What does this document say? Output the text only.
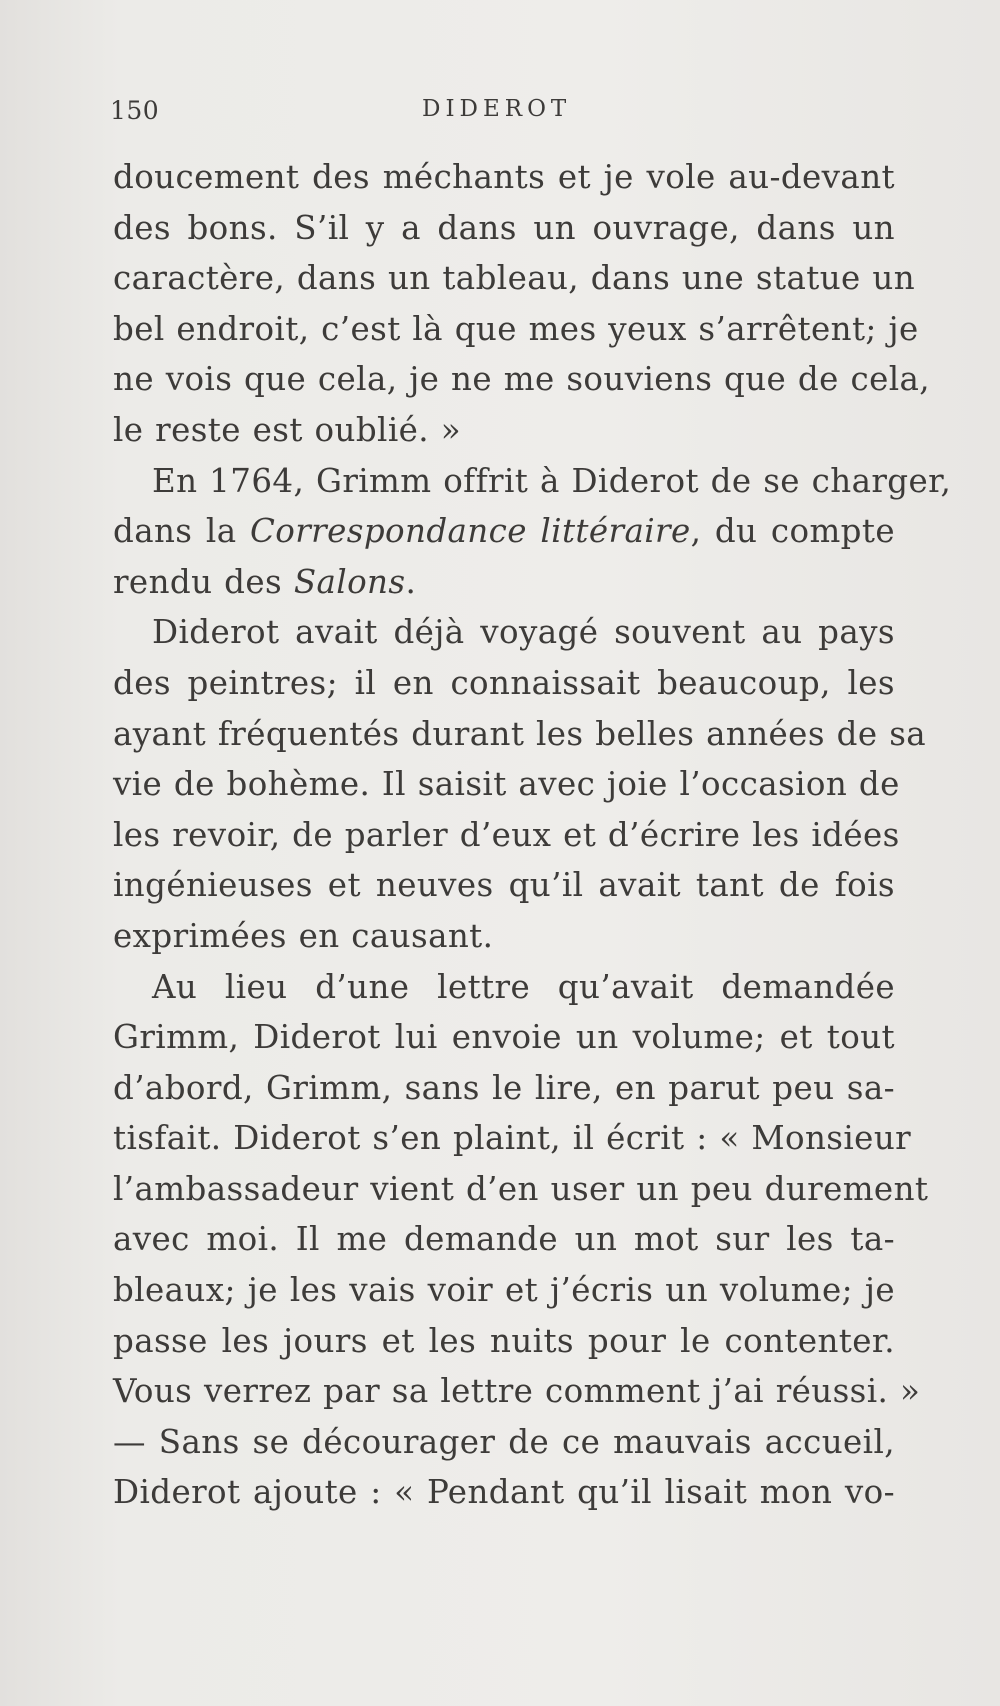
150	DIDEROT
doucement des méchants et je vole au-devant
des bons. S’il y a dans un ouvrage, dans un
caractère, dans un tableau, dans une statue un
bel endroit, c’est là que mes yeux s’arrêtent; je
ne vois que cela, je ne me souviens que de cela,
le reste est oublié. »
En 1764, Grimm offrit à Diderot de se charger,
dans la Correspondance littéraire, du compte
rendu des Salons.
Diderot avait déjà voyagé souvent au pays
des peintres; il en connaissait beaucoup, les
ayant fréquentés durant les belles années de sa
vie de bohème. Il saisit avec joie l’occasion de
les revoir, de parler d’eux et d’écrire les idées
ingénieuses et neuves qu’il avait tant de fois
exprimées en causant.
Au lieu d’une lettre qu’avait demandée
Grimm, Diderot lui envoie un volume; et tout
d’abord, Grimm, sans le lire, en parut peu sa-
tisfait. Diderot s’en plaint, il écrit : « Monsieur
l’ambassadeur vient d’en user un peu durement
avec moi. Il me demande un mot sur les ta-
bleaux; je les vais voir et j’écris un volume; je
passe les jours et les nuits pour le contenter.
Vous verrez par sa lettre comment j’ai réussi. »
— Sans se décourager de ce mauvais accueil,
Diderot ajoute : « Pendant qu’il lisait mon vo-
